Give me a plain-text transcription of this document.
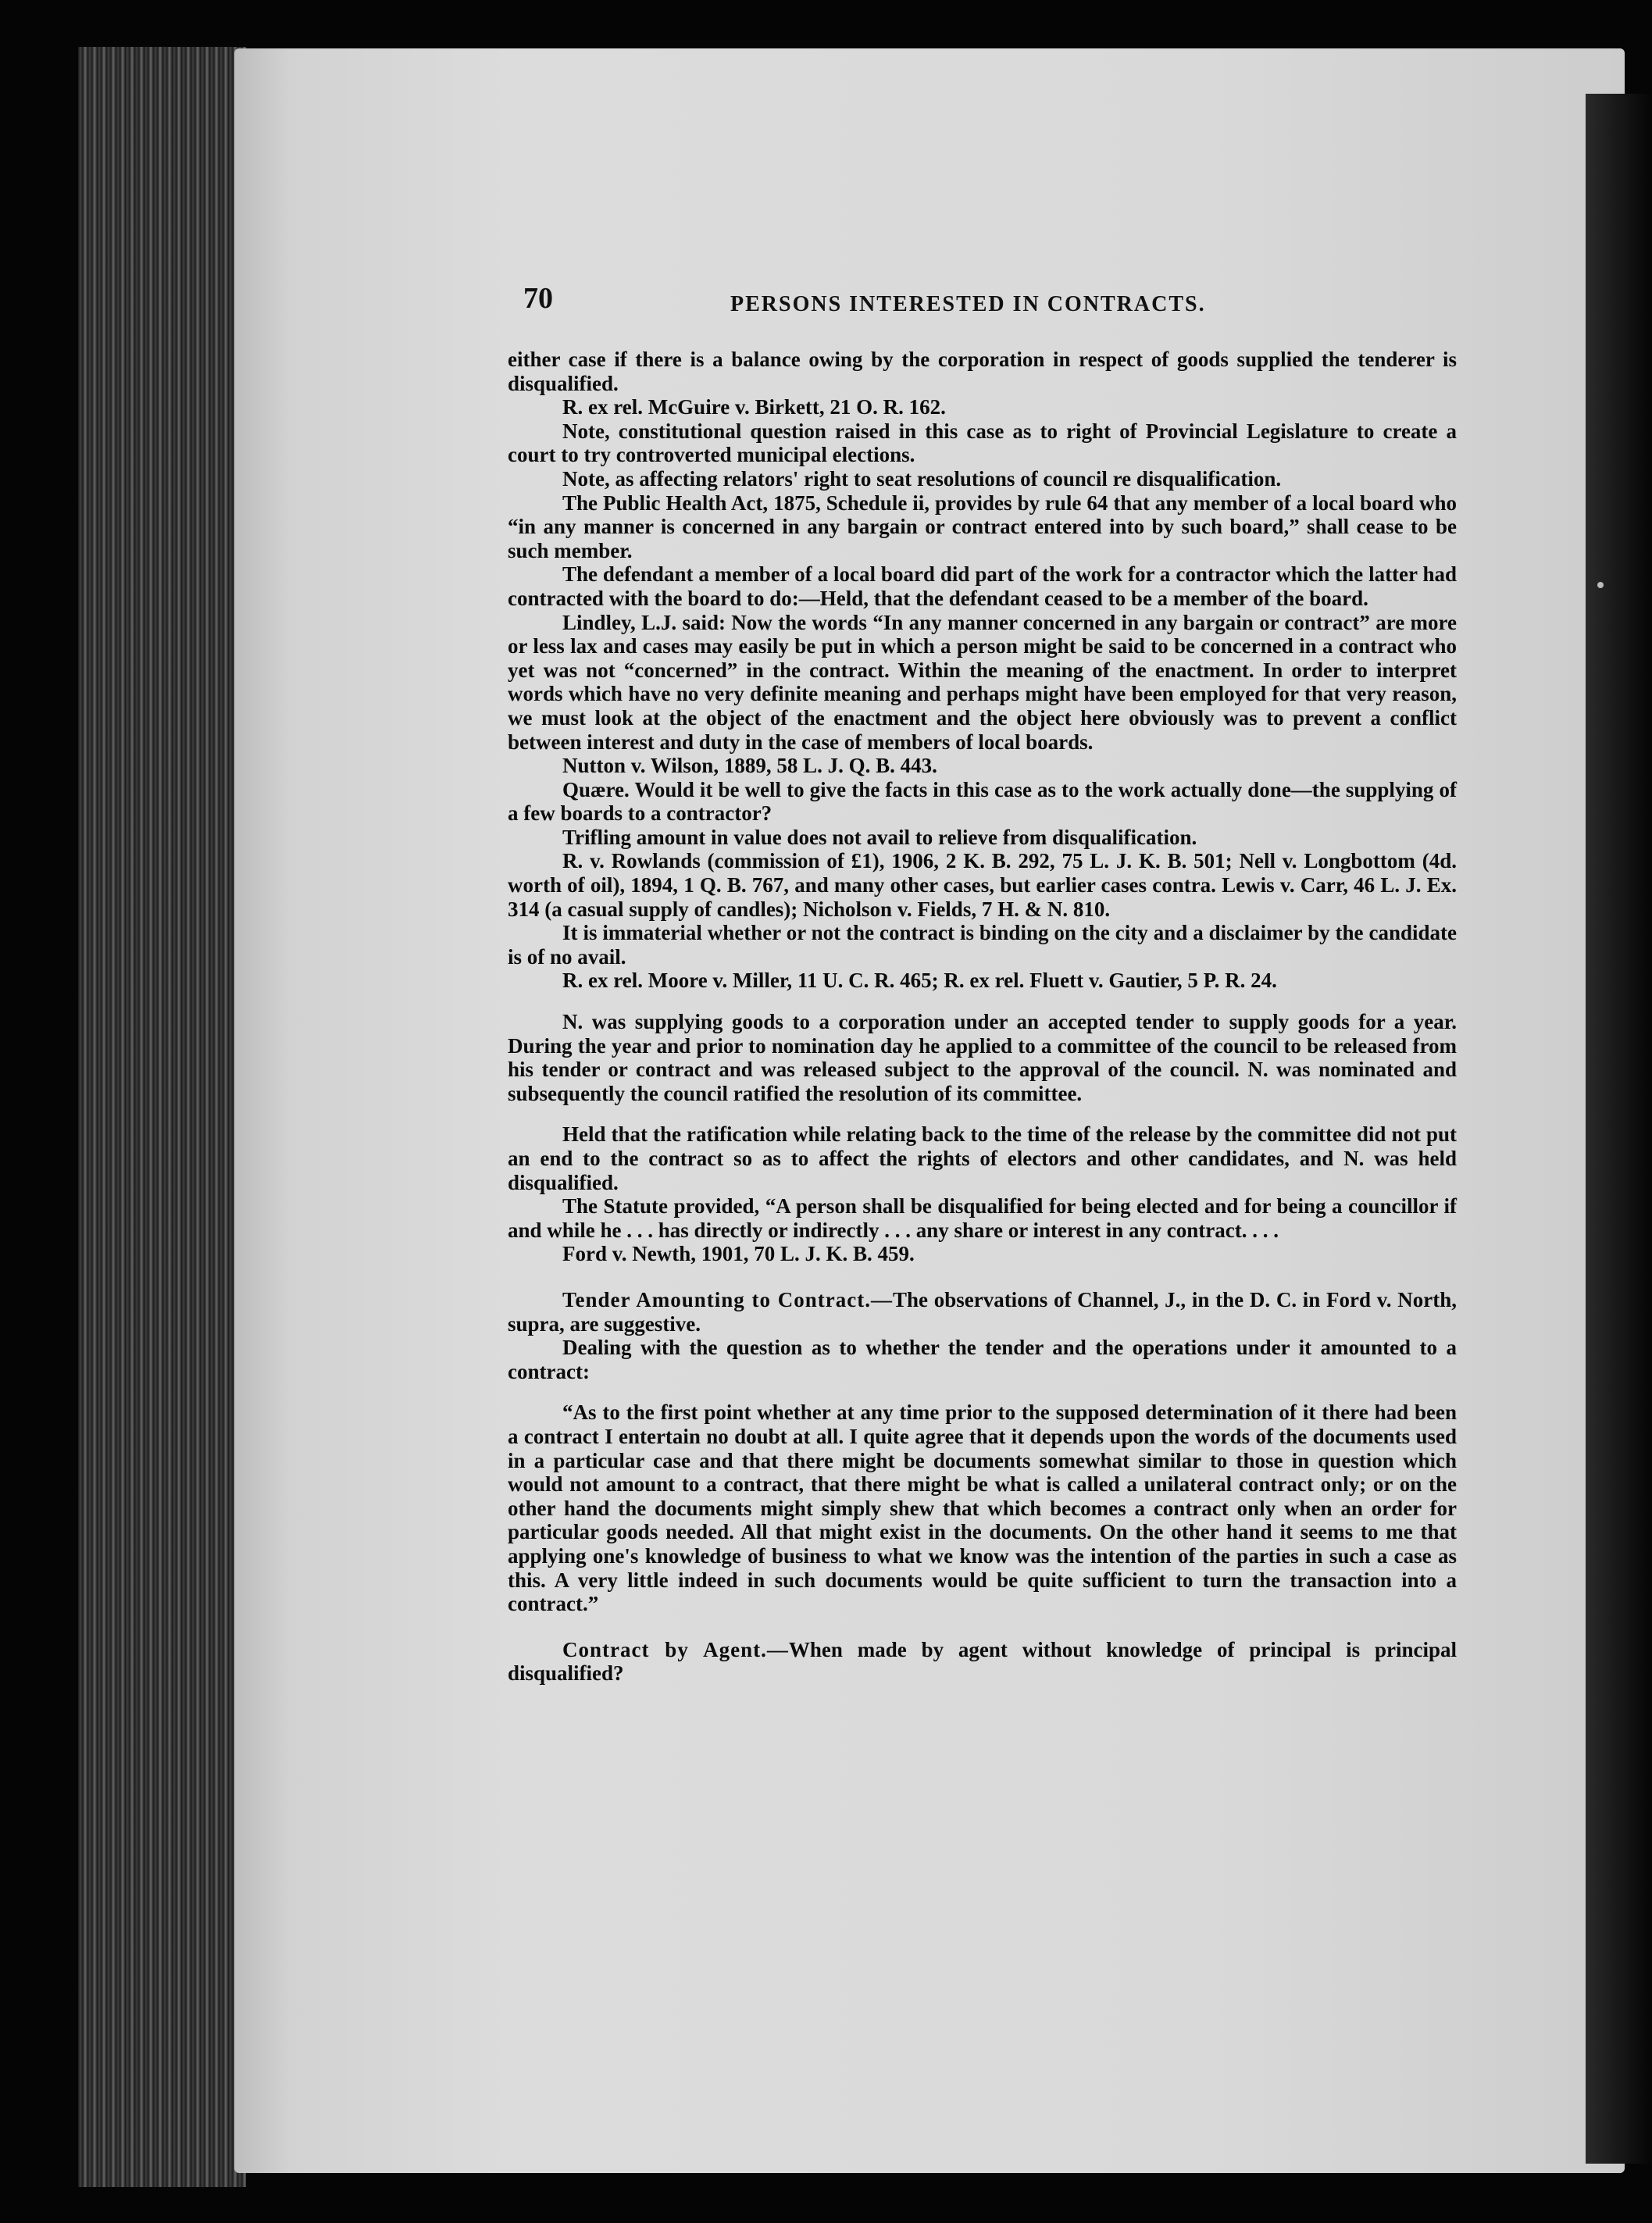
70	PERSONS INTERESTED IN CONTRACTS.

either case if there is a balance owing by the corporation in respect of goods supplied the tenderer is disqualified.

R. ex rel. McGuire v. Birkett, 21 O. R. 162.

Note, constitutional question raised in this case as to right of Provincial Legislature to create a court to try controverted municipal elections.

Note, as affecting relators' right to seat resolutions of council re disqualification.

The Public Health Act, 1875, Schedule ii, provides by rule 64 that any member of a local board who “in any manner is concerned in any bargain or contract entered into by such board,” shall cease to be such member.

The defendant a member of a local board did part of the work for a contractor which the latter had contracted with the board to do:—Held, that the defendant ceased to be a member of the board.

Lindley, L.J. said: Now the words “In any manner concerned in any bargain or contract” are more or less lax and cases may easily be put in which a person might be said to be concerned in a contract who yet was not “concerned” in the contract. Within the meaning of the enactment. In order to interpret words which have no very definite meaning and perhaps might have been employed for that very reason, we must look at the object of the enactment and the object here obviously was to prevent a conflict between interest and duty in the case of members of local boards.

Nutton v. Wilson, 1889, 58 L. J. Q. B. 443.

Quære. Would it be well to give the facts in this case as to the work actually done—the supplying of a few boards to a contractor?

Trifling amount in value does not avail to relieve from disqualification.

R. v. Rowlands (commission of £1), 1906, 2 K. B. 292, 75 L. J. K. B. 501; Nell v. Longbottom (4d. worth of oil), 1894, 1 Q. B. 767, and many other cases, but earlier cases contra. Lewis v. Carr, 46 L. J. Ex. 314 (a casual supply of candles); Nicholson v. Fields, 7 H. & N. 810.

It is immaterial whether or not the contract is binding on the city and a disclaimer by the candidate is of no avail.

R. ex rel. Moore v. Miller, 11 U. C. R. 465; R. ex rel. Fluett v. Gautier, 5 P. R. 24.

N. was supplying goods to a corporation under an accepted tender to supply goods for a year. During the year and prior to nomination day he applied to a committee of the council to be released from his tender or contract and was released subject to the approval of the council. N. was nominated and subsequently the council ratified the resolution of its committee.

Held that the ratification while relating back to the time of the release by the committee did not put an end to the contract so as to affect the rights of electors and other candidates, and N. was held disqualified.

The Statute provided, “A person shall be disqualified for being elected and for being a councillor if and while he . . . has directly or indirectly . . . any share or interest in any contract. . . .

Ford v. Newth, 1901, 70 L. J. K. B. 459.

Tender Amounting to Contract.—The observations of Channel, J., in the D. C. in Ford v. North, supra, are suggestive.

Dealing with the question as to whether the tender and the operations under it amounted to a contract:

“As to the first point whether at any time prior to the supposed determination of it there had been a contract I entertain no doubt at all. I quite agree that it depends upon the words of the documents used in a particular case and that there might be documents somewhat similar to those in question which would not amount to a contract, that there might be what is called a unilateral contract only; or on the other hand the documents might simply shew that which becomes a contract only when an order for particular goods needed. All that might exist in the documents. On the other hand it seems to me that applying one's knowledge of business to what we know was the intention of the parties in such a case as this. A very little indeed in such documents would be quite sufficient to turn the transaction into a contract.”

Contract by Agent.—When made by agent without knowledge of principal is principal disqualified?
